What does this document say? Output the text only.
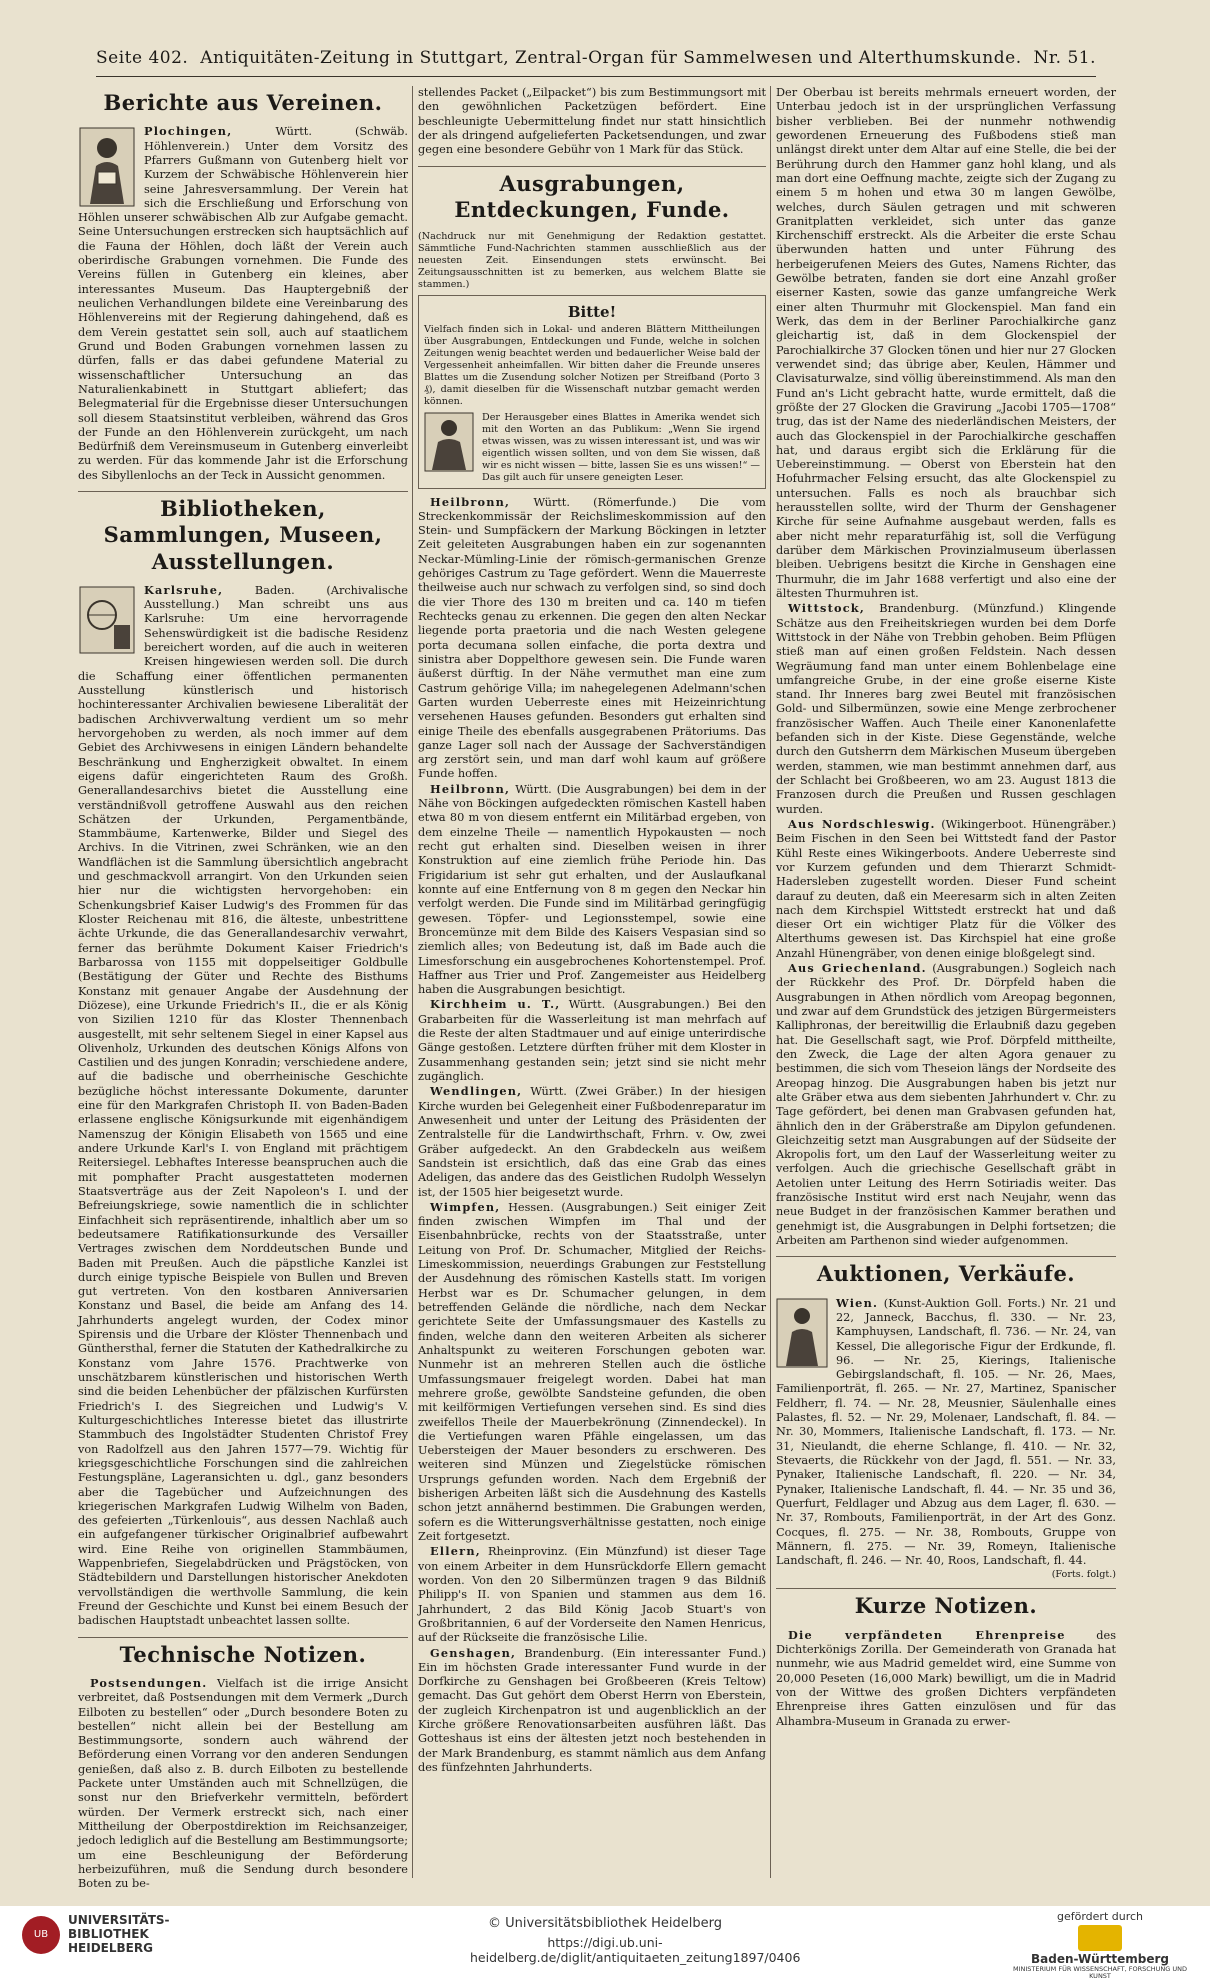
Seite 402. Antiquitäten-Zeitung in Stuttgart, Zentral-Organ für Sammelwesen und Alterthumskunde. Nr. 51.
Berichte aus Vereinen.

Plochingen,	Württ. (Schwäb. Höhlenverein.) Unter dem Vorsitz des Pfarrers Gußmann von Gutenberg hielt vor Kurzem der Schwäbische Höhlenverein hier seine Jahresversammlung. Der Verein hat sich die Erschließung und Erforschung von Höhlen unserer schwäbischen Alb zur Aufgabe gemacht. Seine Untersuchungen erstrecken sich hauptsächlich auf die Fauna der Höhlen, doch läßt der Verein auch oberirdische Grabungen vornehmen. Die Funde des Vereins füllen in Gutenberg ein kleines, aber interessantes Museum. Das Hauptergebniß der neulichen Verhandlungen bildete eine Vereinbarung des Höhlenvereins mit der Regierung dahingehend, daß es dem Verein gestattet sein soll, auch auf staatlichem Grund und Boden Grabungen vornehmen lassen zu dürfen, falls er das dabei gefundene Material zu wissenschaftlicher Untersuchung an das Naturalienkabinett in Stuttgart abliefert; das Belegmaterial für die Ergebnisse dieser Untersuchungen soll diesem Staatsinstitut verbleiben, während das Gros der Funde an den Höhlenverein zurückgeht, um nach Bedürfniß dem Vereinsmuseum in Gutenberg einverleibt zu werden. Für das kommende Jahr ist die Erforschung des Sibyllenlochs an der Teck in Aussicht genommen.

Bibliotheken, Sammlungen, Museen, Ausstellungen.

Karlsruhe,	Baden. (Archivalische Ausstellung.) Man schreibt uns aus Karlsruhe: Um eine hervorragende Sehenswürdigkeit ist die badische Residenz bereichert worden, auf die auch in weiteren Kreisen hingewiesen werden soll. Die durch die Schaffung einer öffentlichen permanenten Ausstellung künstlerisch und historisch hochinteressanter Archivalien bewiesene Liberalität der badischen Archivverwaltung verdient um so mehr hervorgehoben zu werden, als noch immer auf dem Gebiet des Archivwesens in einigen Ländern behandelte Beschränkung und Engherzigkeit obwaltet. In einem eigens dafür eingerichteten Raum des Großh. Generallandesarchivs bietet die Ausstellung eine verständnißvoll getroffene Auswahl aus den reichen Schätzen der Urkunden, Pergamentbände, Stammbäume, Kartenwerke, Bilder und Siegel des Archivs. In die Vitrinen, zwei Schränken, wie an den Wandflächen ist die Sammlung übersichtlich angebracht und geschmackvoll arrangirt. Von den Urkunden seien hier nur die wichtigsten hervorgehoben: ein Schenkungsbrief Kaiser Ludwig's des Frommen für das Kloster Reichenau mit 816, die älteste, unbestrittene ächte Urkunde, die das Generallandesarchiv verwahrt, ferner das berühmte Dokument Kaiser Friedrich's Barbarossa von 1155 mit doppelseitiger Goldbulle (Bestätigung der Güter und Rechte des Bisthums Konstanz mit genauer Angabe der Ausdehnung der Diözese), eine Urkunde Friedrich's II., die er als König von Sizilien 1210 für das Kloster Thennenbach ausgestellt, mit sehr seltenem Siegel in einer Kapsel aus Olivenholz, Urkunden des deutschen Königs Alfons von Castilien und des jungen Konradin; verschiedene andere, auf die badische und oberrheinische Geschichte bezügliche höchst interessante Dokumente, darunter eine für den Markgrafen Christoph II. von Baden-Baden erlassene englische Königsurkunde mit eigenhändigem Namenszug der Königin Elisabeth von 1565 und eine andere Urkunde Karl's I. von England mit prächtigem Reitersiegel. Lebhaftes Interesse beanspruchen auch die mit pomphafter Pracht ausgestatteten modernen Staatsverträge aus der Zeit Napoleon's I. und der Befreiungskriege, sowie namentlich die in schlichter Einfachheit sich repräsentirende, inhaltlich aber um so bedeutsamere Ratifikationsurkunde des Versailler Vertrages zwischen dem Norddeutschen Bunde und Baden mit Preußen. Auch die päpstliche Kanzlei ist durch einige typische Beispiele von Bullen und Breven gut vertreten. Von den kostbaren Anniversarien Konstanz und Basel, die beide am Anfang des 14. Jahrhunderts angelegt wurden, der Codex minor Spirensis und die Urbare der Klöster Thennenbach und Günthersthal, ferner die Statuten der Kathedralkirche zu Konstanz vom Jahre 1576. Prachtwerke von unschätzbarem künstlerischen und historischen Werth sind die beiden Lehenbücher der pfälzischen Kurfürsten Friedrich's I. des Siegreichen und Ludwig's V. Kulturgeschichtliches Interesse bietet das illustrirte Stammbuch des Ingolstädter Studenten Christof Frey von Radolfzell aus den Jahren 1577—79. Wichtig für kriegsgeschichtliche Forschungen sind die zahlreichen Festungspläne, Lageransichten u. dgl., ganz besonders aber die Tagebücher und Aufzeichnungen des kriegerischen Markgrafen Ludwig Wilhelm von Baden, des gefeierten „Türkenlouis“, aus dessen Nachlaß auch ein aufgefangener türkischer Originalbrief aufbewahrt wird. Eine Reihe von originellen Stammbäumen, Wappenbriefen, Siegelabdrücken und Prägstöcken, von Städtebildern und Darstellungen historischer Anekdoten vervollständigen die werthvolle Sammlung, die kein Freund der Geschichte und Kunst bei einem Besuch der badischen Hauptstadt unbeachtet lassen sollte.

Technische Notizen.

Postsendungen. Vielfach ist die irrige Ansicht verbreitet, daß Postsendungen mit dem Vermerk „Durch Eilboten zu bestellen“ oder „Durch besondere Boten zu bestellen“ nicht allein bei der Bestellung am Bestimmungsorte, sondern auch während der Beförderung einen Vorrang vor den anderen Sendungen genießen, daß also z. B. durch Eilboten zu bestellende Packete unter Umständen auch mit Schnellzügen, die sonst nur den Briefverkehr vermitteln, befördert würden. Der Vermerk erstreckt sich, nach einer Mittheilung der Oberpostdirektion im Reichsanzeiger, jedoch lediglich auf die Bestellung am Bestimmungsorte; um eine Beschleunigung der Beförderung herbeizuführen, muß die Sendung durch besondere Boten zu be-

stellendes Packet („Eilpacket“) bis zum Bestimmungsort mit den gewöhnlichen Packetzügen befördert. Eine beschleunigte Uebermittelung findet nur statt hinsichtlich der als dringend aufgelieferten Packetsendungen, und zwar gegen eine besondere Gebühr von 1 Mark für das Stück.

Ausgrabungen, Entdeckungen, Funde.

(Nachdruck nur mit Genehmigung der Redaktion gestattet. Sämmtliche Fund-Nachrichten stammen ausschließlich aus der neuesten Zeit. Einsendungen stets erwünscht. Bei Zeitungsausschnitten ist zu bemerken, aus welchem Blatte sie stammen.)

Bitte!

Vielfach finden sich in Lokal- und anderen Blättern Mittheilungen über Ausgrabungen, Entdeckungen und Funde, welche in solchen Zeitungen wenig beachtet werden und bedauerlicher Weise bald der Vergessenheit anheimfallen. Wir bitten daher die Freunde unseres Blattes um die Zusendung solcher Notizen per Streifband (Porto 3 ₰), damit dieselben für die Wissenschaft nutzbar gemacht werden können.

Der Herausgeber eines Blattes in Amerika wendet sich mit den Worten an das Publikum: „Wenn Sie irgend etwas wissen, was zu wissen interessant ist, und was wir eigentlich wissen sollten, und von dem Sie wissen, daß wir es nicht wissen — bitte, lassen Sie es uns wissen!“ — Das gilt auch für unsere geneigten Leser.

Heilbronn, Württ. (Römerfunde.) Die vom Streckenkommissär der Reichslimeskommission auf den Stein- und Sumpfäckern der Markung Böckingen in letzter Zeit geleiteten Ausgrabungen haben ein zur sogenannten Neckar-Mümling-Linie der römisch-germanischen Grenze gehöriges Castrum zu Tage gefördert. Wenn die Mauerreste theilweise auch nur schwach zu verfolgen sind, so sind doch die vier Thore des 130 m breiten und ca. 140 m tiefen Rechtecks genau zu erkennen. Die gegen den alten Neckar liegende porta praetoria und die nach Westen gelegene porta decumana sollen einfache, die porta dextra und sinistra aber Doppelthore gewesen sein. Die Funde waren äußerst dürftig. In der Nähe vermuthet man eine zum Castrum gehörige Villa; im nahegelegenen Adelmann'schen Garten wurden Ueberreste eines mit Heizeinrichtung versehenen Hauses gefunden. Besonders gut erhalten sind einige Theile des ebenfalls ausgegrabenen Prätoriums. Das ganze Lager soll nach der Aussage der Sachverständigen arg zerstört sein, und man darf wohl kaum auf größere Funde hoffen.

Heilbronn, Württ. (Die Ausgrabungen) bei dem in der Nähe von Böckingen aufgedeckten römischen Kastell haben etwa 80 m von diesem entfernt ein Militärbad ergeben, von dem einzelne Theile — namentlich Hypokausten — noch recht gut erhalten sind. Dieselben weisen in ihrer Konstruktion auf eine ziemlich frühe Periode hin. Das Frigidarium ist sehr gut erhalten, und der Auslaufkanal konnte auf eine Entfernung von 8 m gegen den Neckar hin verfolgt werden. Die Funde sind im Militärbad geringfügig gewesen. Töpfer- und Legionsstempel, sowie eine Broncemünze mit dem Bilde des Kaisers Vespasian sind so ziemlich alles; von Bedeutung ist, daß im Bade auch die Limesforschung ein ausgebrochenes Kohortenstempel. Prof. Haffner aus Trier und Prof. Zangemeister aus Heidelberg haben die Ausgrabungen besichtigt.

Kirchheim u. T., Württ. (Ausgrabungen.) Bei den Grabarbeiten für die Wasserleitung ist man mehrfach auf die Reste der alten Stadtmauer und auf einige unterirdische Gänge gestoßen. Letztere dürften früher mit dem Kloster in Zusammenhang gestanden sein; jetzt sind sie nicht mehr zugänglich.

Wendlingen, Württ. (Zwei Gräber.) In der hiesigen Kirche wurden bei Gelegenheit einer Fußbodenreparatur im Anwesenheit und unter der Leitung des Präsidenten der Zentralstelle für die Landwirthschaft, Frhrn. v. Ow, zwei Gräber aufgedeckt. An den Grabdeckeln aus weißem Sandstein ist ersichtlich, daß das eine Grab das eines Adeligen, das andere das des Geistlichen Rudolph Wesselyn ist, der 1505 hier beigesetzt wurde.

Wimpfen, Hessen. (Ausgrabungen.) Seit einiger Zeit finden zwischen Wimpfen im Thal und der Eisenbahnbrücke, rechts von der Staatsstraße, unter Leitung von Prof. Dr. Schumacher, Mitglied der Reichs-Limeskommission, neuerdings Grabungen zur Feststellung der Ausdehnung des römischen Kastells statt. Im vorigen Herbst war es Dr. Schumacher gelungen, in dem betreffenden Gelände die nördliche, nach dem Neckar gerichtete Seite der Umfassungsmauer des Kastells zu finden, welche dann den weiteren Arbeiten als sicherer Anhaltspunkt zu weiteren Forschungen geboten war. Nunmehr ist an mehreren Stellen auch die östliche Umfassungsmauer freigelegt worden. Dabei hat man mehrere große, gewölbte Sandsteine gefunden, die oben mit keilförmigen Vertiefungen versehen sind. Es sind dies zweifellos Theile der Mauerbekrönung (Zinnendeckel). In die Vertiefungen waren Pfähle eingelassen, um das Uebersteigen der Mauer besonders zu erschweren. Des weiteren sind Münzen und Ziegelstücke römischen Ursprungs gefunden worden. Nach dem Ergebniß der bisherigen Arbeiten läßt sich die Ausdehnung des Kastells schon jetzt annähernd bestimmen. Die Grabungen werden, sofern es die Witterungsverhältnisse gestatten, noch einige Zeit fortgesetzt.

Ellern, Rheinprovinz. (Ein Münzfund) ist dieser Tage von einem Arbeiter in dem Hunsrückdorfe Ellern gemacht worden. Von den 20 Silbermünzen tragen 9 das Bildniß Philipp's II. von Spanien und stammen aus dem 16. Jahrhundert, 2 das Bild König Jacob Stuart's von Großbritannien, 6 auf der Vorderseite den Namen Henricus, auf der Rückseite die französische Lilie.

Genshagen, Brandenburg. (Ein interessanter Fund.) Ein im höchsten Grade interessanter Fund wurde in der Dorfkirche zu Genshagen bei Großbeeren (Kreis Teltow) gemacht. Das Gut gehört dem Oberst Herrn von Eberstein, der zugleich Kirchenpatron ist und augenblicklich an der Kirche größere Renovationsarbeiten ausführen läßt. Das Gotteshaus ist eins der ältesten jetzt noch bestehenden in der Mark Brandenburg, es stammt nämlich aus dem Anfang des fünfzehnten Jahrhunderts.

Der Oberbau ist bereits mehrmals erneuert worden, der Unterbau jedoch ist in der ursprünglichen Verfassung bisher verblieben. Bei der nunmehr nothwendig gewordenen Erneuerung des Fußbodens stieß man unlängst direkt unter dem Altar auf eine Stelle, die bei der Berührung durch den Hammer ganz hohl klang, und als man dort eine Oeffnung machte, zeigte sich der Zugang zu einem 5 m hohen und etwa 30 m langen Gewölbe, welches, durch Säulen getragen und mit schweren Granitplatten verkleidet, sich unter das ganze Kirchenschiff erstreckt. Als die Arbeiter die erste Schau überwunden hatten und unter Führung des herbeigerufenen Meiers des Gutes, Namens Richter, das Gewölbe betraten, fanden sie dort eine Anzahl großer eiserner Kasten, sowie das ganze umfangreiche Werk einer alten Thurmuhr mit Glockenspiel. Man fand ein Werk, das dem in der Berliner Parochialkirche ganz gleichartig ist, daß in dem Glockenspiel der Parochialkirche 37 Glocken tönen und hier nur 27 Glocken verwendet sind; das übrige aber, Keulen, Hämmer und Clavisaturwalze, sind völlig übereinstimmend. Als man den Fund an's Licht gebracht hatte, wurde ermittelt, daß die größte der 27 Glocken die Gravirung „Jacobi 1705—1708“ trug, das ist der Name des niederländischen Meisters, der auch das Glockenspiel in der Parochialkirche geschaffen hat, und daraus ergibt sich die Erklärung für die Uebereinstimmung. — Oberst von Eberstein hat den Hofuhrmacher Felsing ersucht, das alte Glockenspiel zu untersuchen. Falls es noch als brauchbar sich herausstellen sollte, wird der Thurm der Genshagener Kirche für seine Aufnahme ausgebaut werden, falls es aber nicht mehr reparaturfähig ist, soll die Verfügung darüber dem Märkischen Provinzialmuseum überlassen bleiben. Uebrigens besitzt die Kirche in Genshagen eine Thurmuhr, die im Jahr 1688 verfertigt und also eine der ältesten Thurmuhren ist.

Wittstock, Brandenburg. (Münzfund.) Klingende Schätze aus den Freiheitskriegen wurden bei dem Dorfe Wittstock in der Nähe von Trebbin gehoben. Beim Pflügen stieß man auf einen großen Feldstein. Nach dessen Wegräumung fand man unter einem Bohlenbelage eine umfangreiche Grube, in der eine große eiserne Kiste stand. Ihr Inneres barg zwei Beutel mit französischen Gold- und Silbermünzen, sowie eine Menge zerbrochener französischer Waffen. Auch Theile einer Kanonenlafette befanden sich in der Kiste. Diese Gegenstände, welche durch den Gutsherrn dem Märkischen Museum übergeben werden, stammen, wie man bestimmt annehmen darf, aus der Schlacht bei Großbeeren, wo am 23. August 1813 die Franzosen durch die Preußen und Russen geschlagen wurden.

Aus Nordschleswig. (Wikingerboot. Hünengräber.) Beim Fischen in den Seen bei Wittstedt fand der Pastor Kühl Reste eines Wikingerboots. Andere Ueberreste sind vor Kurzem gefunden und dem Thierarzt Schmidt-Hadersleben zugestellt worden. Dieser Fund scheint darauf zu deuten, daß ein Meeresarm sich in alten Zeiten nach dem Kirchspiel Wittstedt erstreckt hat und daß dieser Ort ein wichtiger Platz für die Völker des Alterthums gewesen ist. Das Kirchspiel hat eine große Anzahl Hünengräber, von denen einige bloßgelegt sind.

Aus Griechenland. (Ausgrabungen.) Sogleich nach der Rückkehr des Prof. Dr. Dörpfeld haben die Ausgrabungen in Athen nördlich vom Areopag begonnen, und zwar auf dem Grundstück des jetzigen Bürgermeisters Kalliphronas, der bereitwillig die Erlaubniß dazu gegeben hat. Die Gesellschaft sagt, wie Prof. Dörpfeld mittheilte, den Zweck, die Lage der alten Agora genauer zu bestimmen, die sich vom Theseion längs der Nordseite des Areopag hinzog. Die Ausgrabungen haben bis jetzt nur alte Gräber etwa aus dem siebenten Jahrhundert v. Chr. zu Tage gefördert, bei denen man Grabvasen gefunden hat, ähnlich den in der Gräberstraße am Dipylon gefundenen. Gleichzeitig setzt man Ausgrabungen auf der Südseite der Akropolis fort, um den Lauf der Wasserleitung weiter zu verfolgen. Auch die griechische Gesellschaft gräbt in Aetolien unter Leitung des Herrn Sotiriadis weiter. Das französische Institut wird erst nach Neujahr, wenn das neue Budget in der französischen Kammer berathen und genehmigt ist, die Ausgrabungen in Delphi fortsetzen; die Arbeiten am Parthenon sind wieder aufgenommen.

Auktionen, Verkäufe.

Wien. (Kunst-Auktion Goll. Forts.) Nr. 21 und 22, Janneck, Bacchus, fl. 330. — Nr. 23, Kamphuysen, Landschaft, fl. 736. — Nr. 24, van Kessel, Die allegorische Figur der Erdkunde, fl. 96. — Nr. 25, Kierings, Italienische Gebirgslandschaft, fl. 105. — Nr. 26, Maes, Familienporträt, fl. 265. — Nr. 27, Martinez, Spanischer Feldherr, fl. 74. — Nr. 28, Meusnier, Säulenhalle eines Palastes, fl. 52. — Nr. 29, Molenaer, Landschaft, fl. 84. — Nr. 30, Mommers, Italienische Landschaft, fl. 173. — Nr. 31, Nieulandt, die eherne Schlange, fl. 410. — Nr. 32, Stevaerts, die Rückkehr von der Jagd, fl. 551. — Nr. 33, Pynaker, Italienische Landschaft, fl. 220. — Nr. 34, Pynaker, Italienische Landschaft, fl. 44. — Nr. 35 und 36, Querfurt, Feldlager und Abzug aus dem Lager, fl. 630. — Nr. 37, Rombouts, Familienporträt, in der Art des Gonz. Cocques, fl. 275. — Nr. 38, Rombouts, Gruppe von Männern, fl. 275. — Nr. 39, Romeyn, Italienische Landschaft, fl. 246. — Nr. 40, Roos, Landschaft, fl. 44.

(Forts. folgt.)

Kurze Notizen.

Die verpfändeten Ehrenpreise	des Dichterkönigs Zorilla. Der Gemeinderath von Granada hat nunmehr, wie aus Madrid gemeldet wird, eine Summe von 20,000 Peseten (16,000 Mark) bewilligt, um die in Madrid von der Wittwe des großen Dichters verpfändeten Ehrenpreise ihres Gatten einzulösen und für das Alhambra-Museum in Granada zu erwer-

UB
UNIVERSITÄTS-
BIBLIOTHEK
HEIDELBERG
© Universitätsbibliothek Heidelberg
https://digi.ub.uni-heidelberg.de/diglit/antiquitaeten_zeitung1897/0406
gefördert durch
Baden-Württemberg
MINISTERIUM FÜR WISSENSCHAFT, FORSCHUNG UND KUNST
